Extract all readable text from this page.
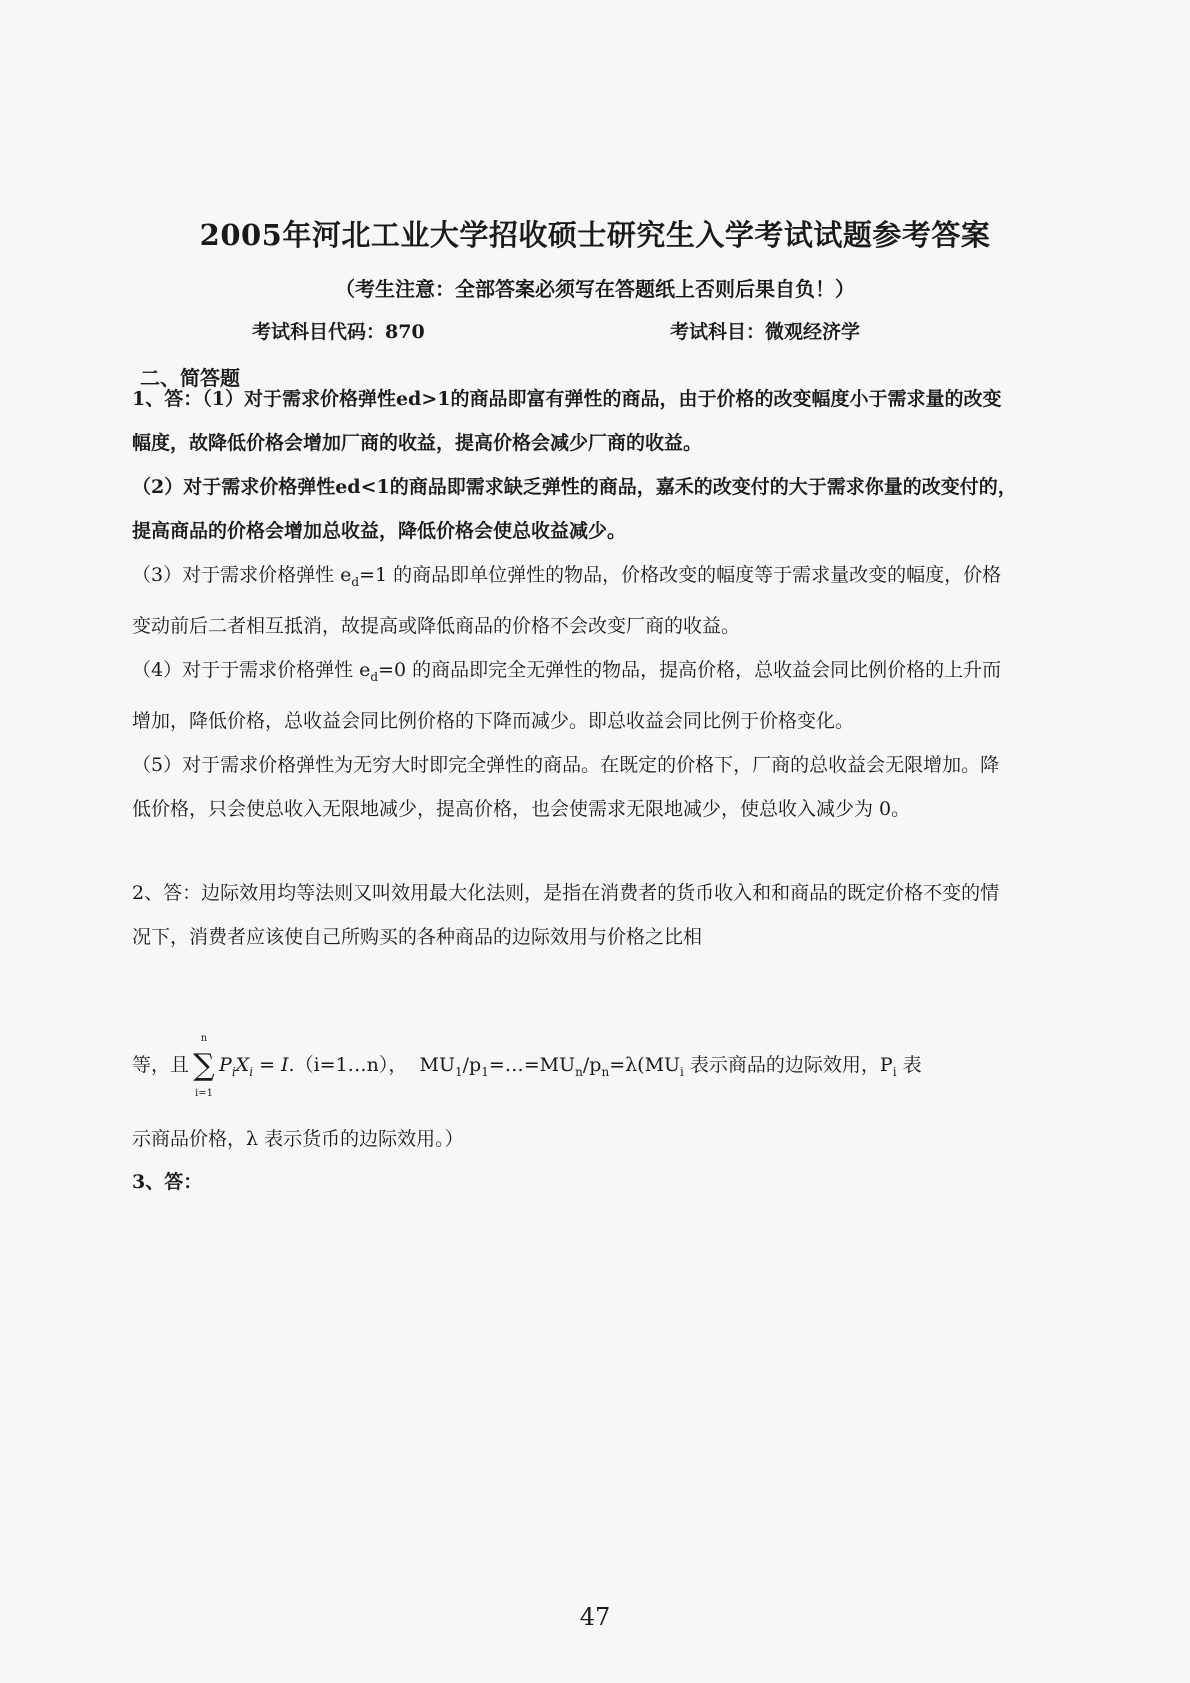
2005年河北工业大学招收硕士研究生入学考试试题参考答案
（考生注意：全部答案必须写在答题纸上否则后果自负！）
考试科目代码：870	考试科目：微观经济学
二、简答题

1、答：（1）对于需求价格弹性ed>1的商品即富有弹性的商品，由于价格的改变幅度小于需求量的改变幅度，故降低价格会增加厂商的收益，提高价格会减少厂商的收益。

（2）对于需求价格弹性ed<1的商品即需求缺乏弹性的商品，嘉禾的改变付的大于需求你量的改变付的，提高商品的价格会增加总收益，降低价格会使总收益减少。

（3）对于需求价格弹性 $e_d=1$ 的商品即单位弹性的物品，价格改变的幅度等于需求量改变的幅度，价格变动前后二者相互抵消，故提高或降低商品的价格不会改变厂商的收益。

（4）对于于需求价格弹性 $e_d=0$ 的商品即完全无弹性的物品，提高价格，总收益会同比例价格的上升而增加，降低价格，总收益会同比例价格的下降而减少。即总收益会同比例于价格变化。

（5）对于需求价格弹性为无穷大时即完全弹性的商品。在既定的价格下，厂商的总收益会无限增加。降低价格，只会使总收入无限地减少，提高价格，也会使需求无限地减少，使总收入减少为 0。

2、答：边际效用均等法则又叫效用最大化法则，是指在消费者的货币收入和和商品的既定价格不变的情况下，消费者应该使自己所购买的各种商品的边际效用与价格之比相

等，且
n
∑
i=1
$P_iX_i$ = I.（i=1…n）， $MU_1/p_1=\dots=MU_n/p_n=\lambda(MU_i$ 表示商品的边际效用，$P_i$ 表

示商品价格，λ 表示货币的边际效用。）

3、答：
47
